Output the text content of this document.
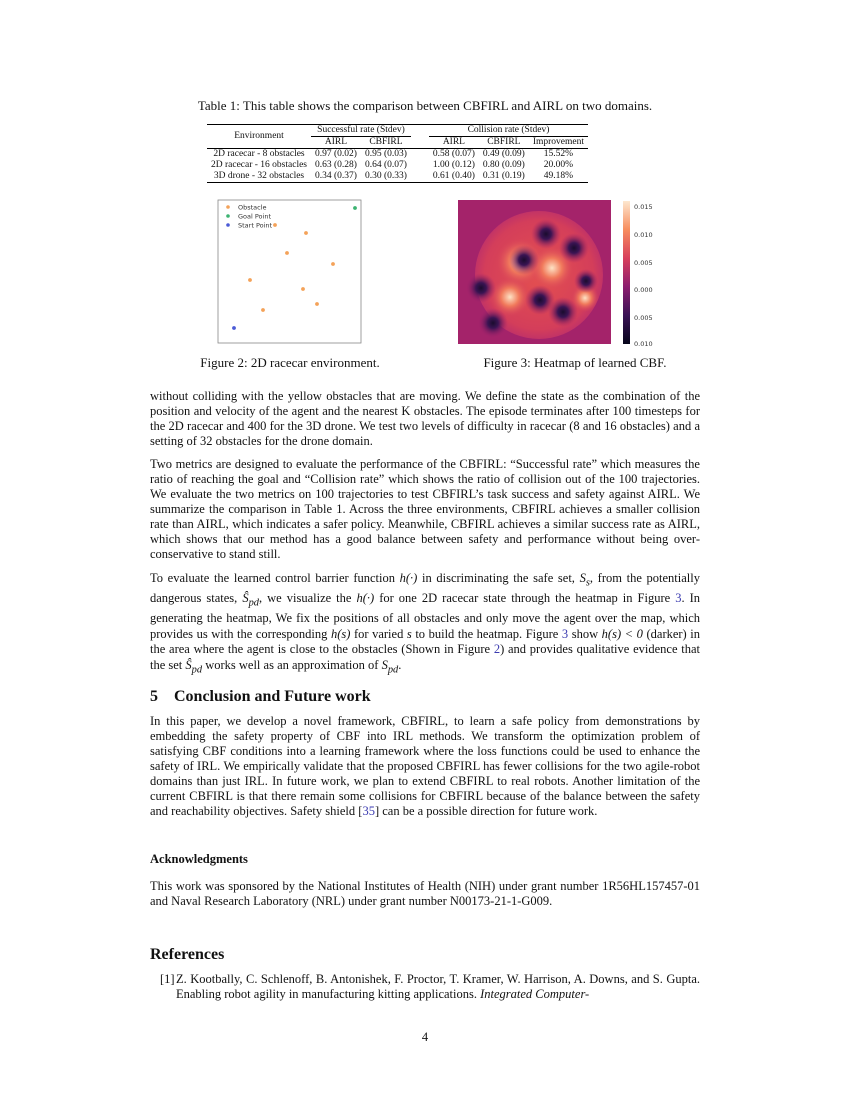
Table 1: This table shows the comparison between CBFIRL and AIRL on two domains.
Environment	Successful rate (Stdev)			Collision rate (Stdev)		
	AIRL	CBFIRL		AIRL	CBFIRL	Improvement
2D racecar - 8 obstacles	0.97 (0.02)	0.95 (0.03)		0.58 (0.07)	0.49 (0.09)	15.52%
2D racecar - 16 obstacles	0.63 (0.28)	0.64 (0.07)		1.00 (0.12)	0.80 (0.09)	20.00%
3D drone - 32 obstacles	0.34 (0.37)	0.30 (0.33)		0.61 (0.40)	0.31 (0.19)	49.18%
Obstacle
Goal Point
Start Point
Figure 2: 2D racecar environment.
0.015
0.010
0.005
0.000
0.005
0.010
Figure 3: Heatmap of learned CBF.

without colliding with the yellow obstacles that are moving. We define the state as the combination of the position and velocity of the agent and the nearest K obstacles. The episode terminates after 100 timesteps for the 2D racecar and 400 for the 3D drone. We test two levels of difficulty in racecar (8 and 16 obstacles) and a setting of 32 obstacles for the drone domain.

Two metrics are designed to evaluate the performance of the CBFIRL: “Successful rate” which measures the ratio of reaching the goal and “Collision rate” which shows the ratio of collision out of the 100 trajectories. We evaluate the two metrics on 100 trajectories to test CBFIRL’s task success and safety against AIRL. We summarize the comparison in Table 1. Across the three environments, CBFIRL achieves a smaller collision rate than AIRL, which indicates a safer policy. Meanwhile, CBFIRL achieves a similar success rate as AIRL, which shows that our method has a good balance between safety and performance without being over-conservative to stand still.

To evaluate the learned control barrier function h(·) in discriminating the safe set, $S_s$, from the potentially dangerous states, $Ŝ_{pd}$, we visualize the h(·) for one 2D racecar state through the heatmap in Figure 3. In generating the heatmap, We fix the positions of all obstacles and only move the agent over the map, which provides us with the corresponding h(s) for varied s to build the heatmap. Figure 3 show h(s) < 0 (darker) in the area where the agent is close to the obstacles (Shown in Figure 2) and provides qualitative evidence that the set $Ŝ_{pd}$ works well as an approximation of $S_{pd}$.

5    Conclusion and Future work

In this paper, we develop a novel framework, CBFIRL, to learn a safe policy from demonstrations by embedding the safety property of CBF into IRL methods. We transform the optimization problem of satisfying CBF conditions into a learning framework where the loss functions could be used to enhance the safety of IRL. We empirically validate that the proposed CBFIRL has fewer collisions for the two agile-robot domains than just IRL. In future work, we plan to extend CBFIRL to real robots. Another limitation of the current CBFIRL is that there remain some collisions for CBFIRL because of the balance between the safety and reachability objectives. Safety shield [35] can be a possible direction for future work.

Acknowledgments

This work was sponsored by the National Institutes of Health (NIH) under grant number 1R56HL157457-01 and Naval Research Laboratory (NRL) under grant number N00173-21-1-G009.

References
[1] Z. Kootbally, C. Schlenoff, B. Antonishek, F. Proctor, T. Kramer, W. Harrison, A. Downs, and S. Gupta. Enabling robot agility in manufacturing kitting applications. Integrated Computer-
4
